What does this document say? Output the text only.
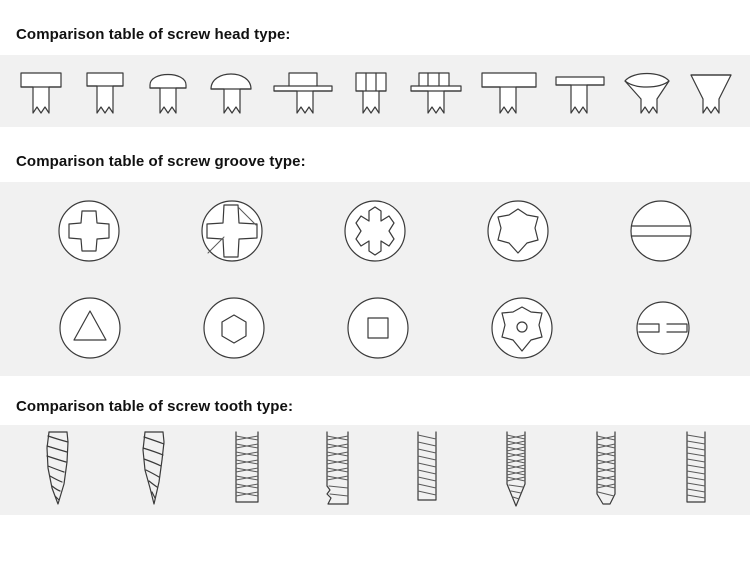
Comparison table of screw head type:
Comparison table of screw groove type:
Comparison table of screw tooth type:
